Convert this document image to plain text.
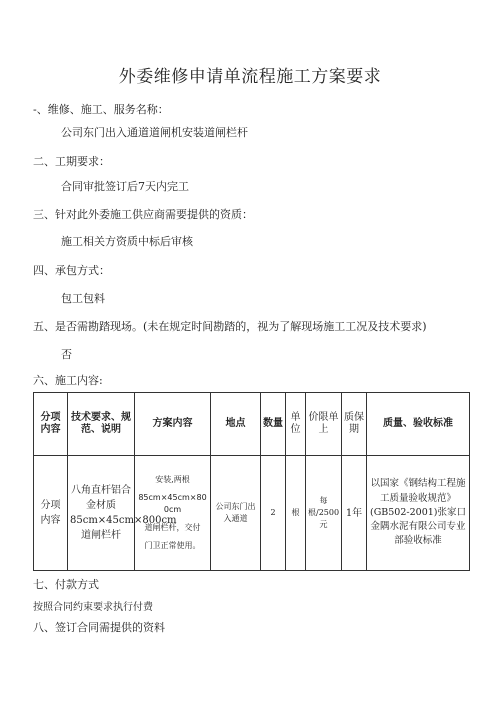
外委维修申请单流程施工方案要求
-、维修、施工、服务名称：
公司东门出入通道道闸机安装道闸栏杆
二、工期要求：
合同审批签订后7天内完工
三、针对此外委施工供应商需要提供的资质：
施工相关方资质中标后审核
四、承包方式：
包工包料
五、是否需勘踏现场。(未在规定时间勘踏的，视为了解现场施工工况及技术要求)
否
六、施工内容:
分项内容	技术要求、规范、说明	方案内容	地点	数量	单位	价限单上	质保期	质量、验收标准
分项内容	八角直杆铝合金材质85cm×45cm×800cm道闸栏杆	安装,两根
85cm×45cm×800cm
道闸栏杆，交付
门卫正常使用。	公司东门出入通道	2	根	每根/2500元	1年	以国家《钢结构工程施工质量验收规范》(GB502-2001)张家口金隅水泥有限公司专业部验收标准
七、付款方式
按照合同约束要求执行付费
八、签订合同需提供的资料
